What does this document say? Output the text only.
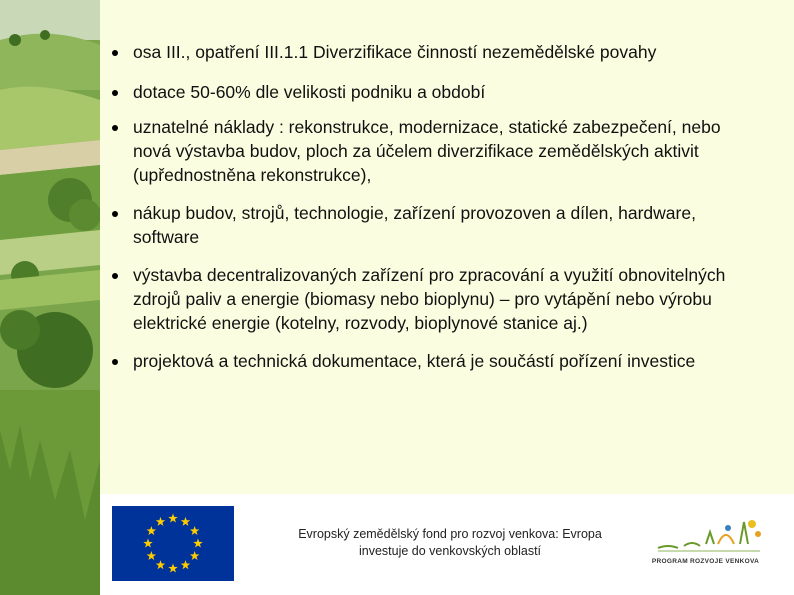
osa III., opatření III.1.1 Diverzifikace činností nezemědělské povahy
dotace 50-60% dle velikosti podniku a období
uznatelné náklady : rekonstrukce, modernizace, statické zabezpečení, nebo nová výstavba budov, ploch za účelem diverzifikace zemědělských aktivit (upřednostněna rekonstrukce),
nákup budov, strojů, technologie, zařízení provozoven a dílen, hardware, software
výstavba decentralizovaných zařízení pro zpracování a využití obnovitelných zdrojů paliv a energie (biomasy nebo bioplynu) – pro vytápění nebo výrobu elektrické energie (kotelny, rozvody, bioplynové stanice aj.)
projektová a technická dokumentace, která je součástí pořízení investice
Evropský zemědělský fond pro rozvoj venkova: Evropa
investuje do venkovských oblastí
PROGRAM ROZVOJE VENKOVA
